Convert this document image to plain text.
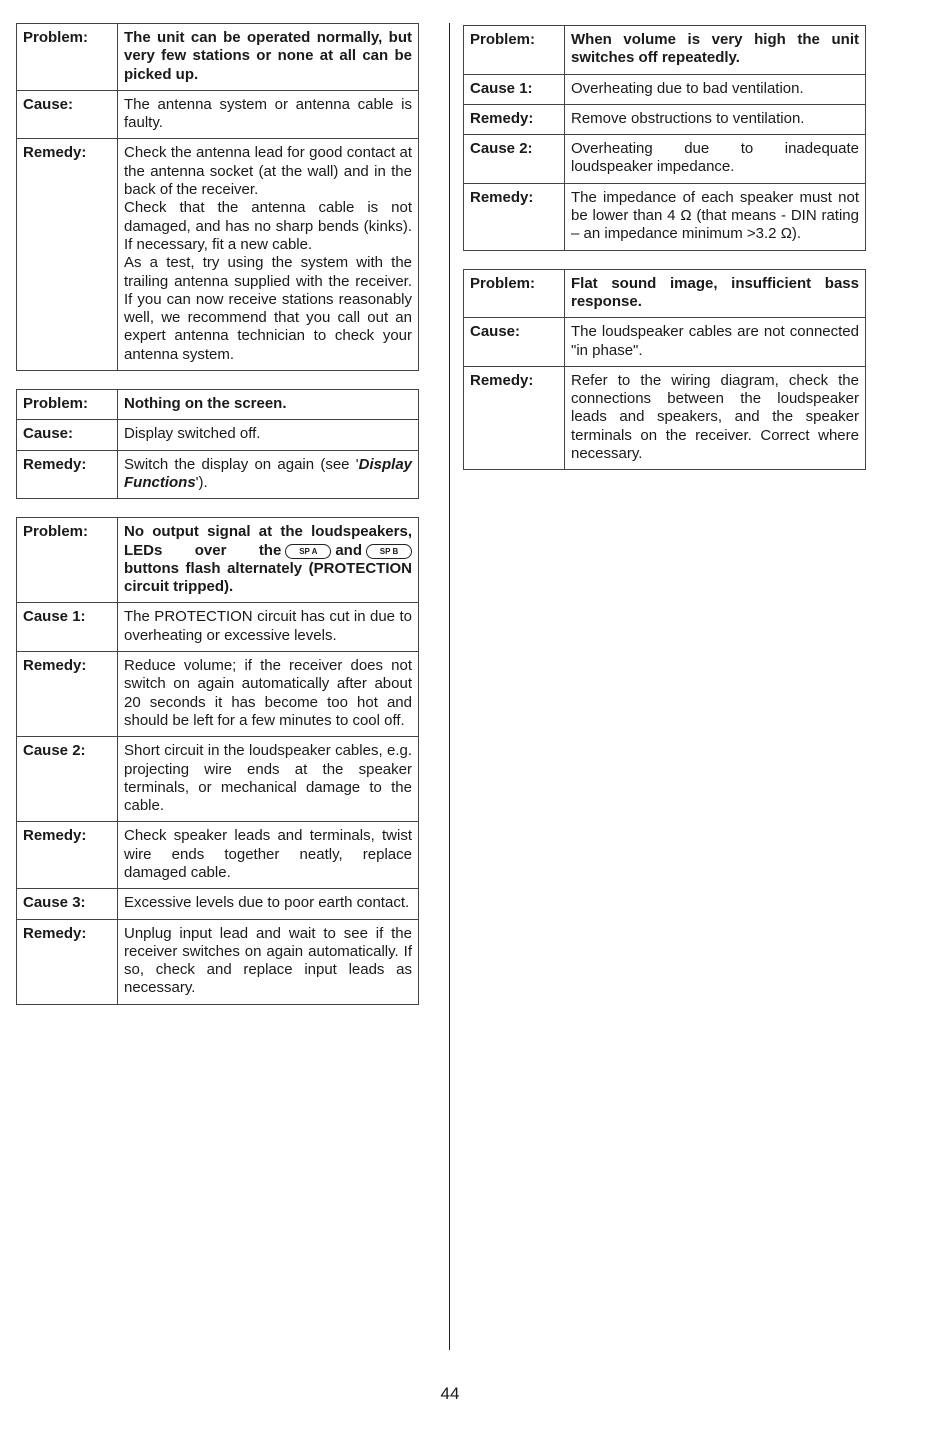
Problem:	The unit can be operated normally, but very few stations or none at all can be picked up.
Cause:	The antenna system or antenna cable is faulty.
Remedy:	Check the antenna lead for good contact at the antenna socket (at the wall) and in the back of the receiver.
Check that the antenna cable is not damaged, and has no sharp bends (kinks). If necessary, fit a new cable.
As a test, try using the system with the trailing antenna supplied with the receiver. If you can now receive stations reasonably well, we recommend that you call out an expert antenna technician to check your antenna system.
Problem:	Nothing on the screen.
Cause:	Display switched off.
Remedy:	Switch the display on again (see 'Display Functions').
Problem:	No output signal at the loudspeakers, LEDs over the SP A and SP B buttons flash alternately (PROTECTION circuit tripped).
Cause 1:	The PROTECTION circuit has cut in due to overheating or excessive levels.
Remedy:	Reduce volume; if the receiver does not switch on again automatically after about 20 seconds it has become too hot and should be left for a few minutes to cool off.
Cause 2:	Short circuit in the loudspeaker cables, e.g. projecting wire ends at the speaker terminals, or mechanical damage to the cable.
Remedy:	Check speaker leads and terminals, twist wire ends together neatly, replace damaged cable.
Cause 3:	Excessive levels due to poor earth contact.
Remedy:	Unplug input lead and wait to see if the receiver switches on again automatically. If so, check and replace input leads as necessary.
Problem:	When volume is very high the unit switches off repeatedly.
Cause 1:	Overheating due to bad ventilation.
Remedy:	Remove obstructions to ventilation.
Cause 2:	Overheating due to inadequate loudspeaker impedance.
Remedy:	The impedance of each speaker must not be lower than 4 Ω (that means - DIN rating – an impedance minimum >3.2 Ω).
Problem:	Flat sound image, insufficient bass response.
Cause:	The loudspeaker cables are not connected "in phase".
Remedy:	Refer to the wiring diagram, check the connections between the loudspeaker leads and speakers, and the speaker terminals on the receiver. Correct where necessary.
44
